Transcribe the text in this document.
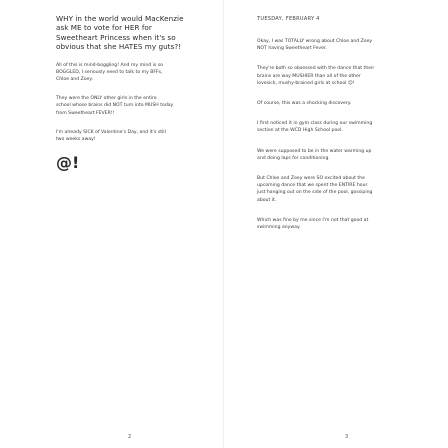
WHY in the world would MacKenzie
ask ME to vote for HER for
Sweetheart Princess when it's so
obvious that she HATES my guts?!

All of this is mind-boggling! And my mind is so
BOGGLED, I seriously need to talk to my BFFs,
Chloe and Zoey.

They were the ONLY other girls in the entire
school whose brains did NOT turn into MUSH today
from Sweetheart FEVER!!

I'm already SICK of Valentine's Day, and it's still
two weeks away!

@!
2
TUESDAY, FEBRUARY 4

Okay, I was TOTALLY wrong about Chloe and Zoey
NOT having Sweetheart Fever.

They're both so obsessed with the dance that their
brains are way MUSHIER than all of the other
lovesick, mushy-brained girls at school ☹!

Of course, this was a shocking discovery.

I first noticed it in gym class during our swimming
section at the WCD High School pool.

We were supposed to be in the water warming up
and doing laps for conditioning.

But Chloe and Zoey were SO excited about the
upcoming dance that we spent the ENTIRE hour
just hanging out on the side of the pool, gossiping
about it.

Which was fine by me since I'm not that good at
swimming anyway.

3
